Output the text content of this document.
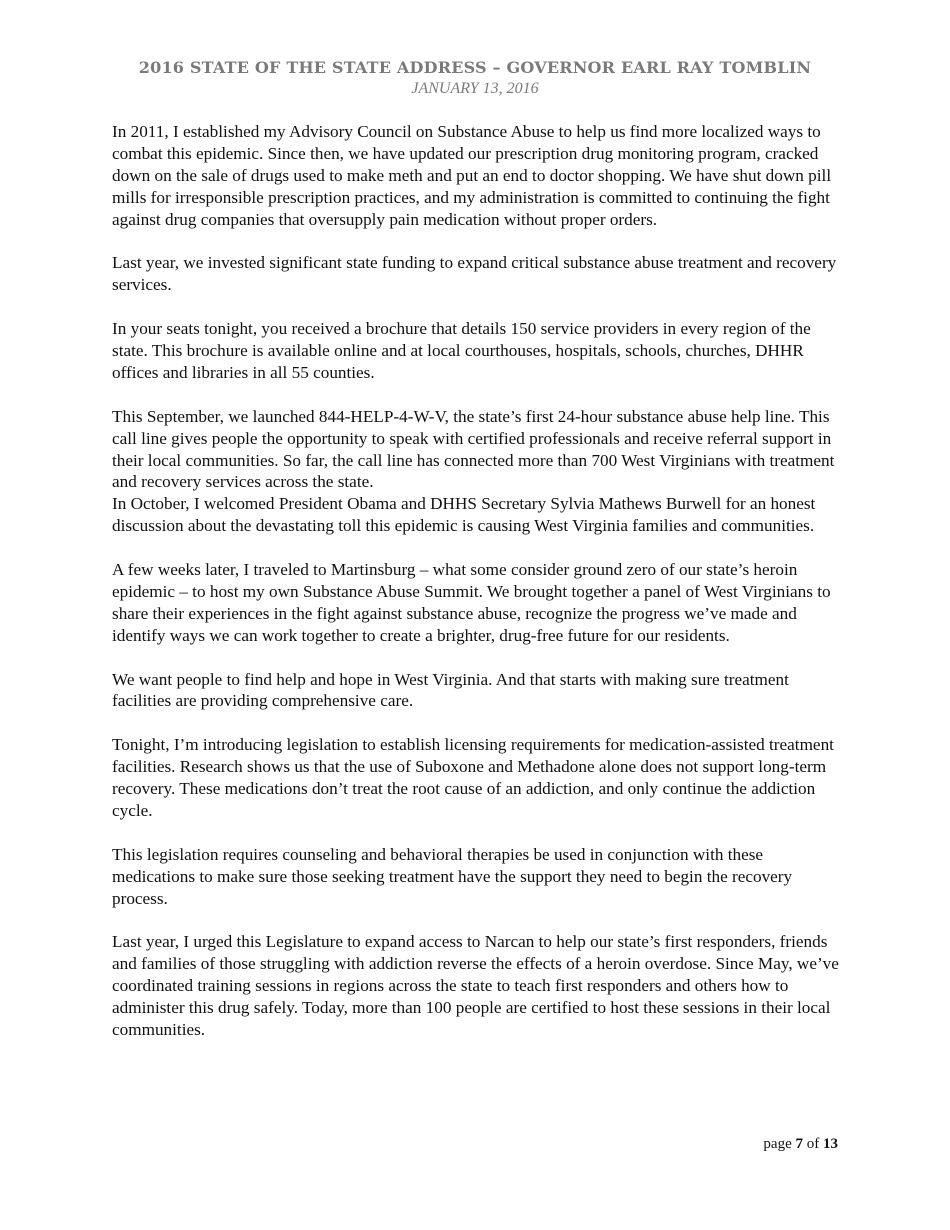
2016 STATE OF THE STATE ADDRESS – GOVERNOR EARL RAY TOMBLIN
JANUARY 13, 2016

In 2011, I established my Advisory Council on Substance Abuse to help us find more localized ways to combat this epidemic. Since then, we have updated our prescription drug monitoring program, cracked down on the sale of drugs used to make meth and put an end to doctor shopping. We have shut down pill mills for irresponsible prescription practices, and my administration is committed to continuing the fight against drug companies that oversupply pain medication without proper orders.

Last year, we invested significant state funding to expand critical substance abuse treatment and recovery services.

In your seats tonight, you received a brochure that details 150 service providers in every region of the state. This brochure is available online and at local courthouses, hospitals, schools, churches, DHHR offices and libraries in all 55 counties.

This September, we launched 844-HELP-4-W-V, the state’s first 24-hour substance abuse help line. This call line gives people the opportunity to speak with certified professionals and receive referral support in their local communities. So far, the call line has connected more than 700 West Virginians with treatment and recovery services across the state.

In October, I welcomed President Obama and DHHS Secretary Sylvia Mathews Burwell for an honest discussion about the devastating toll this epidemic is causing West Virginia families and communities.

A few weeks later, I traveled to Martinsburg – what some consider ground zero of our state’s heroin epidemic – to host my own Substance Abuse Summit. We brought together a panel of West Virginians to share their experiences in the fight against substance abuse, recognize the progress we’ve made and identify ways we can work together to create a brighter, drug-free future for our residents.

We want people to find help and hope in West Virginia. And that starts with making sure treatment facilities are providing comprehensive care.

Tonight, I’m introducing legislation to establish licensing requirements for medication-assisted treatment facilities. Research shows us that the use of Suboxone and Methadone alone does not support long-term recovery. These medications don’t treat the root cause of an addiction, and only continue the addiction cycle.

This legislation requires counseling and behavioral therapies be used in conjunction with these medications to make sure those seeking treatment have the support they need to begin the recovery process.

Last year, I urged this Legislature to expand access to Narcan to help our state’s first responders, friends and families of those struggling with addiction reverse the effects of a heroin overdose. Since May, we’ve coordinated training sessions in regions across the state to teach first responders and others how to administer this drug safely. Today, more than 100 people are certified to host these sessions in their local communities.

page 7 of 13
